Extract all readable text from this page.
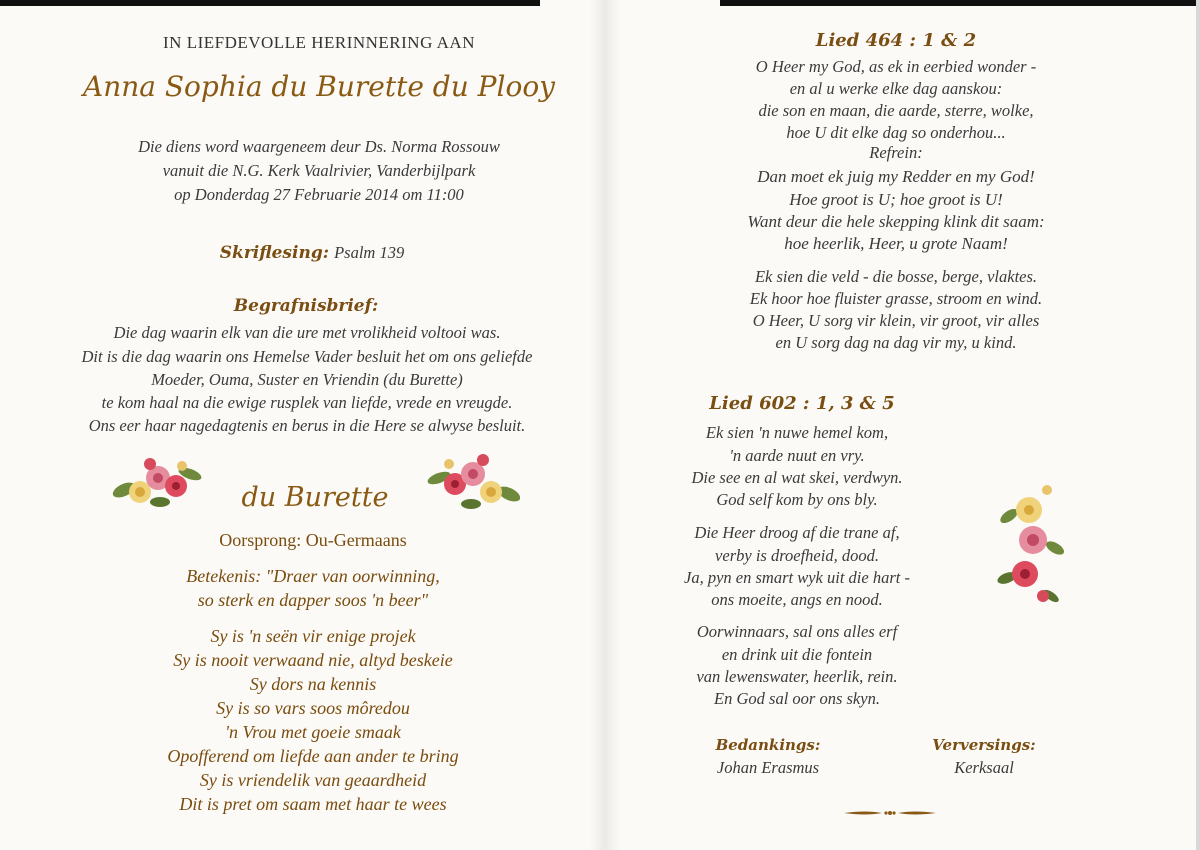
IN LIEFDEVOLLE HERINNERING AAN
Anna Sophia du Burette du Plooy
Die diens word waargeneem deur Ds. Norma Rossouw
vanuit die N.G. Kerk Vaalrivier, Vanderbijlpark
op Donderdag 27 Februarie 2014 om 11:00
Skriflesing: Psalm 139
Begrafnisbrief:
Die dag waarin elk van die ure met vrolikheid voltooi was.
Dit is die dag waarin ons Hemelse Vader besluit het om ons geliefde
Moeder, Ouma, Suster en Vriendin (du Burette)
te kom haal na die ewige rusplek van liefde, vrede en vreugde.
Ons eer haar nagedagtenis en berus in die Here se alwyse besluit.
du Burette
Oorsprong: Ou-Germaans
Betekenis: "Draer van oorwinning,
so sterk en dapper soos 'n beer"
Sy is 'n seën vir enige projek
Sy is nooit verwaand nie, altyd beskeie
Sy dors na kennis
Sy is so vars soos môredou
'n Vrou met goeie smaak
Opofferend om liefde aan ander te bring
Sy is vriendelik van geaardheid
Dit is pret om saam met haar te wees
Lied 464 : 1 & 2
O Heer my God, as ek in eerbied wonder -
en al u werke elke dag aanskou:
die son en maan, die aarde, sterre, wolke,
hoe U dit elke dag so onderhou...
Refrein:
Dan moet ek juig my Redder en my God!
Hoe groot is U; hoe groot is U!
Want deur die hele skepping klink dit saam:
hoe heerlik, Heer, u grote Naam!
Ek sien die veld - die bosse, berge, vlaktes.
Ek hoor hoe fluister grasse, stroom en wind.
O Heer, U sorg vir klein, vir groot, vir alles
en U sorg dag na dag vir my, u kind.
Lied 602 : 1, 3 & 5
Ek sien 'n nuwe hemel kom,
'n aarde nuut en vry.
Die see en al wat skei, verdwyn.
God self kom by ons bly.
Die Heer droog af die trane af,
verby is droefheid, dood.
Ja, pyn en smart wyk uit die hart -
ons moeite, angs en nood.
Oorwinnaars, sal ons alles erf
en drink uit die fontein
van lewenswater, heerlik, rein.
En God sal oor ons skyn.
Bedankings:
Johan Erasmus
Verversings:
Kerksaal
